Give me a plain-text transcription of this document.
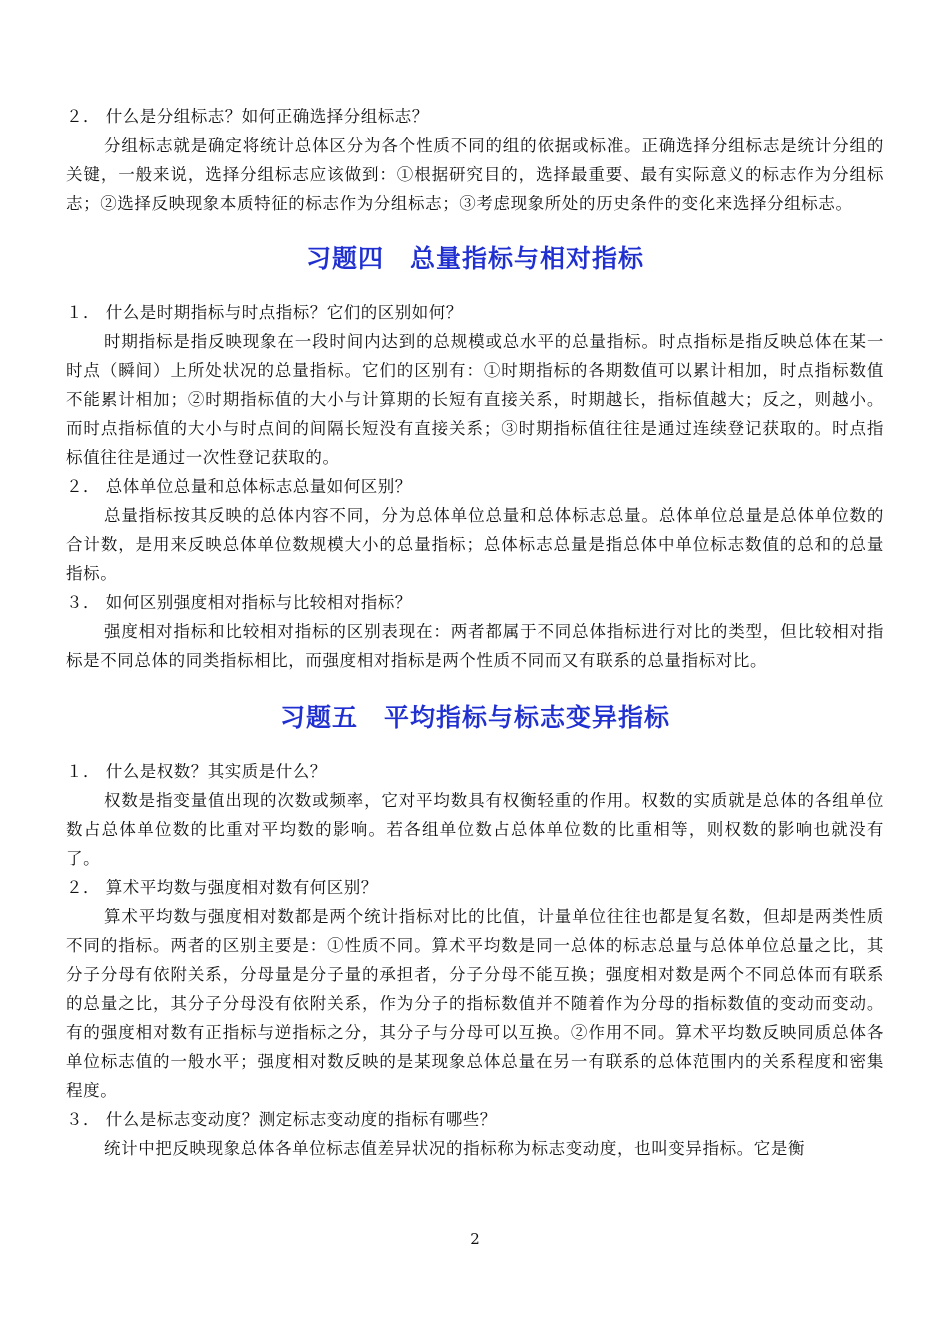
２． 什么是分组标志？如何正确选择分组标志？

分组标志就是确定将统计总体区分为各个性质不同的组的依据或标准。正确选择分组标志是统计分组的关键，一般来说，选择分组标志应该做到：①根据研究目的，选择最重要、最有实际意义的标志作为分组标志；②选择反映现象本质特征的标志作为分组标志；③考虑现象所处的历史条件的变化来选择分组标志。

习题四　总量指标与相对指标

１． 什么是时期指标与时点指标？它们的区别如何？

时期指标是指反映现象在一段时间内达到的总规模或总水平的总量指标。时点指标是指反映总体在某一时点（瞬间）上所处状况的总量指标。它们的区别有：①时期指标的各期数值可以累计相加，时点指标数值不能累计相加；②时期指标值的大小与计算期的长短有直接关系，时期越长，指标值越大；反之，则越小。而时点指标值的大小与时点间的间隔长短没有直接关系；③时期指标值往往是通过连续登记获取的。时点指标值往往是通过一次性登记获取的。

２． 总体单位总量和总体标志总量如何区别？

总量指标按其反映的总体内容不同，分为总体单位总量和总体标志总量。总体单位总量是总体单位数的合计数，是用来反映总体单位数规模大小的总量指标；总体标志总量是指总体中单位标志数值的总和的总量指标。

３． 如何区别强度相对指标与比较相对指标？

强度相对指标和比较相对指标的区别表现在：两者都属于不同总体指标进行对比的类型，但比较相对指标是不同总体的同类指标相比，而强度相对指标是两个性质不同而又有联系的总量指标对比。

习题五　平均指标与标志变异指标

１． 什么是权数？其实质是什么？

权数是指变量值出现的次数或频率，它对平均数具有权衡轻重的作用。权数的实质就是总体的各组单位数占总体单位数的比重对平均数的影响。若各组单位数占总体单位数的比重相等，则权数的影响也就没有了。

２． 算术平均数与强度相对数有何区别？

算术平均数与强度相对数都是两个统计指标对比的比值，计量单位往往也都是复名数，但却是两类性质不同的指标。两者的区别主要是：①性质不同。算术平均数是同一总体的标志总量与总体单位总量之比，其分子分母有依附关系，分母量是分子量的承担者，分子分母不能互换；强度相对数是两个不同总体而有联系的总量之比，其分子分母没有依附关系，作为分子的指标数值并不随着作为分母的指标数值的变动而变动。有的强度相对数有正指标与逆指标之分，其分子与分母可以互换。②作用不同。算术平均数反映同质总体各单位标志值的一般水平；强度相对数反映的是某现象总体总量在另一有联系的总体范围内的关系程度和密集程度。

３． 什么是标志变动度？测定标志变动度的指标有哪些？

统计中把反映现象总体各单位标志值差异状况的指标称为标志变动度，也叫变异指标。它是衡

2
